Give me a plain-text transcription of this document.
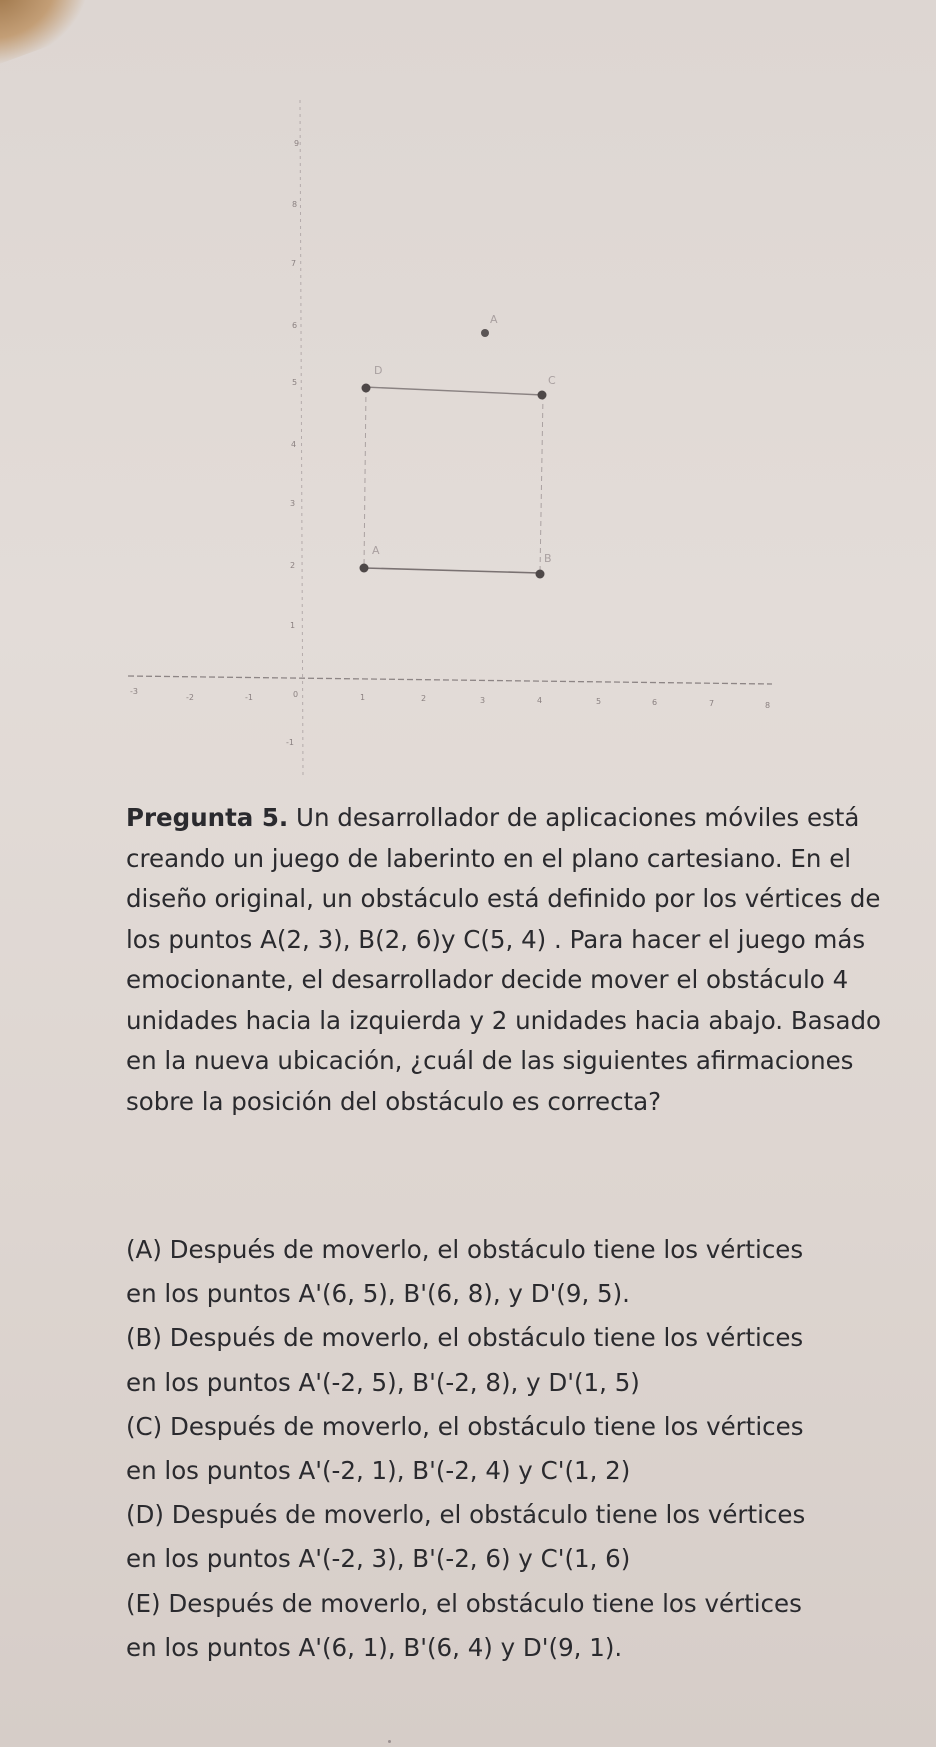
-3
-2	-1	0	1	2	3	4	5	6	7	8
9
8
7
6
5
4
3
2
1
-1
A
D
C
A
B
Pregunta 5. Un desarrollador de aplicaciones móviles está creando un juego de laberinto en el plano cartesiano. En el diseño original, un obstáculo está definido por los vértices de los puntos A(2, 3), B(2, 6)y C(5, 4) . Para hacer el juego más emocionante, el desarrollador decide mover el obstáculo 4 unidades hacia la izquierda y 2 unidades hacia abajo. Basado en la nueva ubicación, ¿cuál de las siguientes afirmaciones sobre la posición del obstáculo es correcta?

(A) Después de moverlo, el obstáculo tiene los vértices
en los puntos A'(6, 5), B'(6, 8), y D'(9, 5).

(B) Después de moverlo, el obstáculo tiene los vértices
en los puntos A'(-2, 5), B'(-2, 8), y D'(1, 5)

(C) Después de moverlo, el obstáculo tiene los vértices
en los puntos A'(-2, 1), B'(-2, 4) y C'(1, 2)

(D) Después de moverlo, el obstáculo tiene los vértices
en los puntos A'(-2, 3), B'(-2, 6) y C'(1, 6)

(E) Después de moverlo, el obstáculo tiene los vértices
en los puntos A'(6, 1), B'(6, 4) y D'(9, 1).
